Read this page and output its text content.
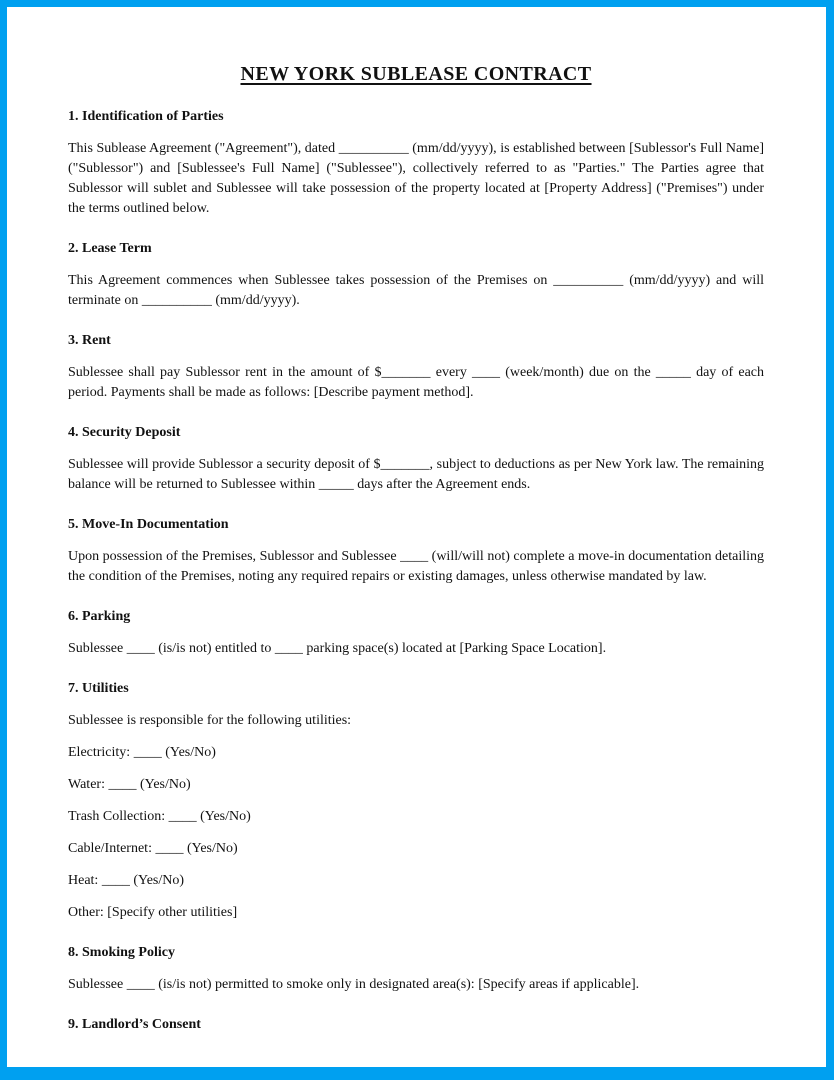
NEW YORK SUBLEASE CONTRACT
1. Identification of Parties

This Sublease Agreement ("Agreement"), dated __________ (mm/dd/yyyy), is established between [Sublessor's Full Name] ("Sublessor") and [Sublessee's Full Name] ("Sublessee"), collectively referred to as "Parties." The Parties agree that Sublessor will sublet and Sublessee will take possession of the property located at [Property Address] ("Premises") under the terms outlined below.

2. Lease Term

This Agreement commences when Sublessee takes possession of the Premises on __________ (mm/dd/yyyy) and will terminate on __________ (mm/dd/yyyy).

3. Rent

Sublessee shall pay Sublessor rent in the amount of $_______ every ____ (week/month) due on the _____ day of each period. Payments shall be made as follows: [Describe payment method].

4. Security Deposit

Sublessee will provide Sublessor a security deposit of $_______, subject to deductions as per New York law. The remaining balance will be returned to Sublessee within _____ days after the Agreement ends.

5. Move-In Documentation

Upon possession of the Premises, Sublessor and Sublessee ____ (will/will not) complete a move-in documentation detailing the condition of the Premises, noting any required repairs or existing damages, unless otherwise mandated by law.

6. Parking

Sublessee ____ (is/is not) entitled to ____ parking space(s) located at [Parking Space Location].

7. Utilities

Sublessee is responsible for the following utilities:

Electricity: ____ (Yes/No)

Water: ____ (Yes/No)

Trash Collection: ____ (Yes/No)

Cable/Internet: ____ (Yes/No)

Heat: ____ (Yes/No)

Other: [Specify other utilities]

8. Smoking Policy

Sublessee ____ (is/is not) permitted to smoke only in designated area(s): [Specify areas if applicable].

9. Landlord’s Consent
